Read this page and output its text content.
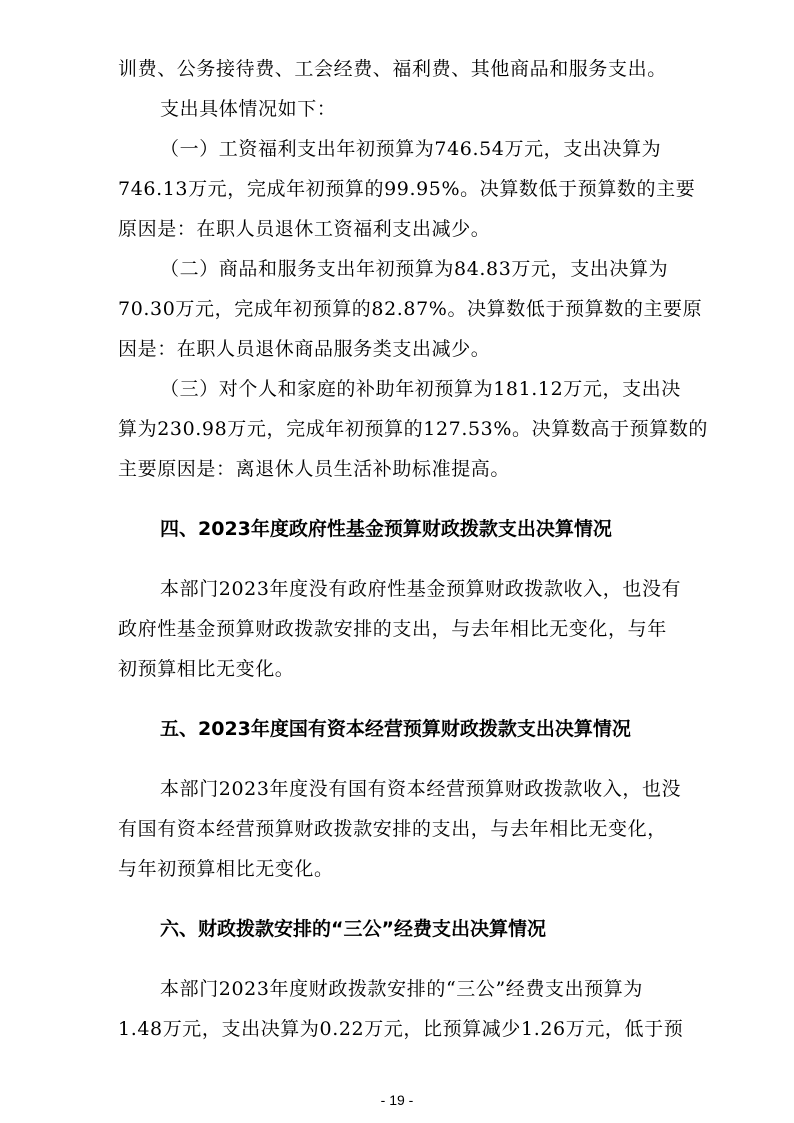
训费、公务接待费、工会经费、福利费、其他商品和服务支出。
支出具体情况如下：
（一）工资福利支出年初预算为746.54万元，支出决算为
746.13万元，完成年初预算的99.95%。决算数低于预算数的主要
原因是：在职人员退休工资福利支出减少。
（二）商品和服务支出年初预算为84.83万元，支出决算为
70.30万元，完成年初预算的82.87%。决算数低于预算数的主要原
因是：在职人员退休商品服务类支出减少。
（三）对个人和家庭的补助年初预算为181.12万元，支出决
算为230.98万元，完成年初预算的127.53%。决算数高于预算数的
主要原因是：离退休人员生活补助标准提高。
四、2023年度政府性基金预算财政拨款支出决算情况
本部门2023年度没有政府性基金预算财政拨款收入，也没有
政府性基金预算财政拨款安排的支出，与去年相比无变化，与年
初预算相比无变化。
五、2023年度国有资本经营预算财政拨款支出决算情况
本部门2023年度没有国有资本经营预算财政拨款收入，也没
有国有资本经营预算财政拨款安排的支出，与去年相比无变化，
与年初预算相比无变化。
六、财政拨款安排的“三公”经费支出决算情况
本部门2023年度财政拨款安排的“三公”经费支出预算为
1.48万元，支出决算为0.22万元，比预算减少1.26万元，低于预
- 19 -
